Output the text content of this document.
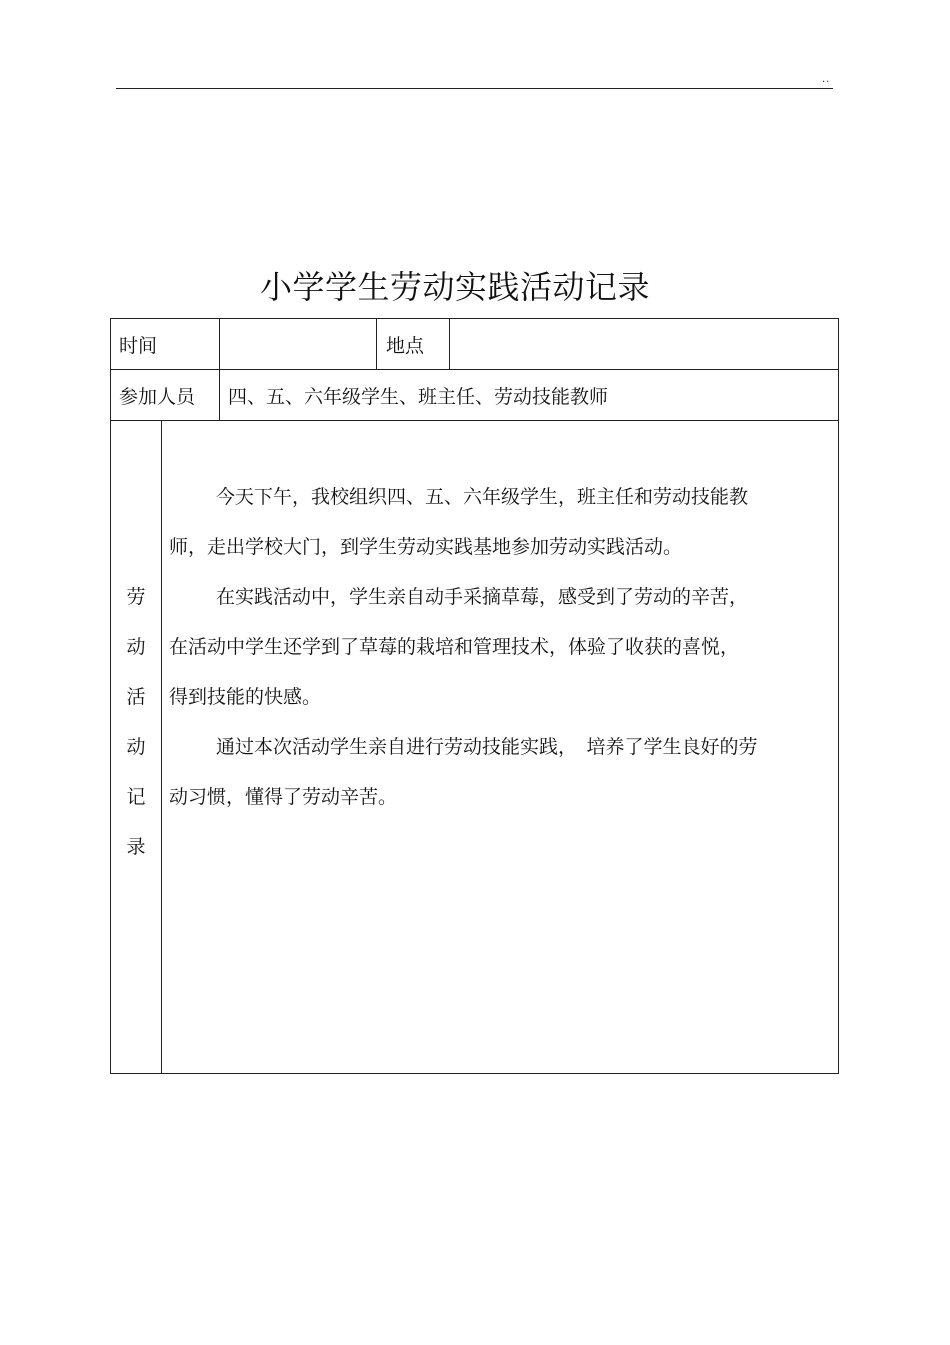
..
小学学生劳动实践活动记录
时间	地点
参加人员	四、五、六年级学生、班主任、劳动技能教师
劳
动
活
动
记
录
今天下午，我校组织四、五、六年级学生，班主任和劳动技能教
师，走出学校大门，到学生劳动实践基地参加劳动实践活动。
在实践活动中，学生亲自动手采摘草莓，感受到了劳动的辛苦，
在活动中学生还学到了草莓的栽培和管理技术，体验了收获的喜悦，
得到技能的快感。
通过本次活动学生亲自进行劳动技能实践，　培养了学生良好的劳
动习惯，懂得了劳动辛苦。
